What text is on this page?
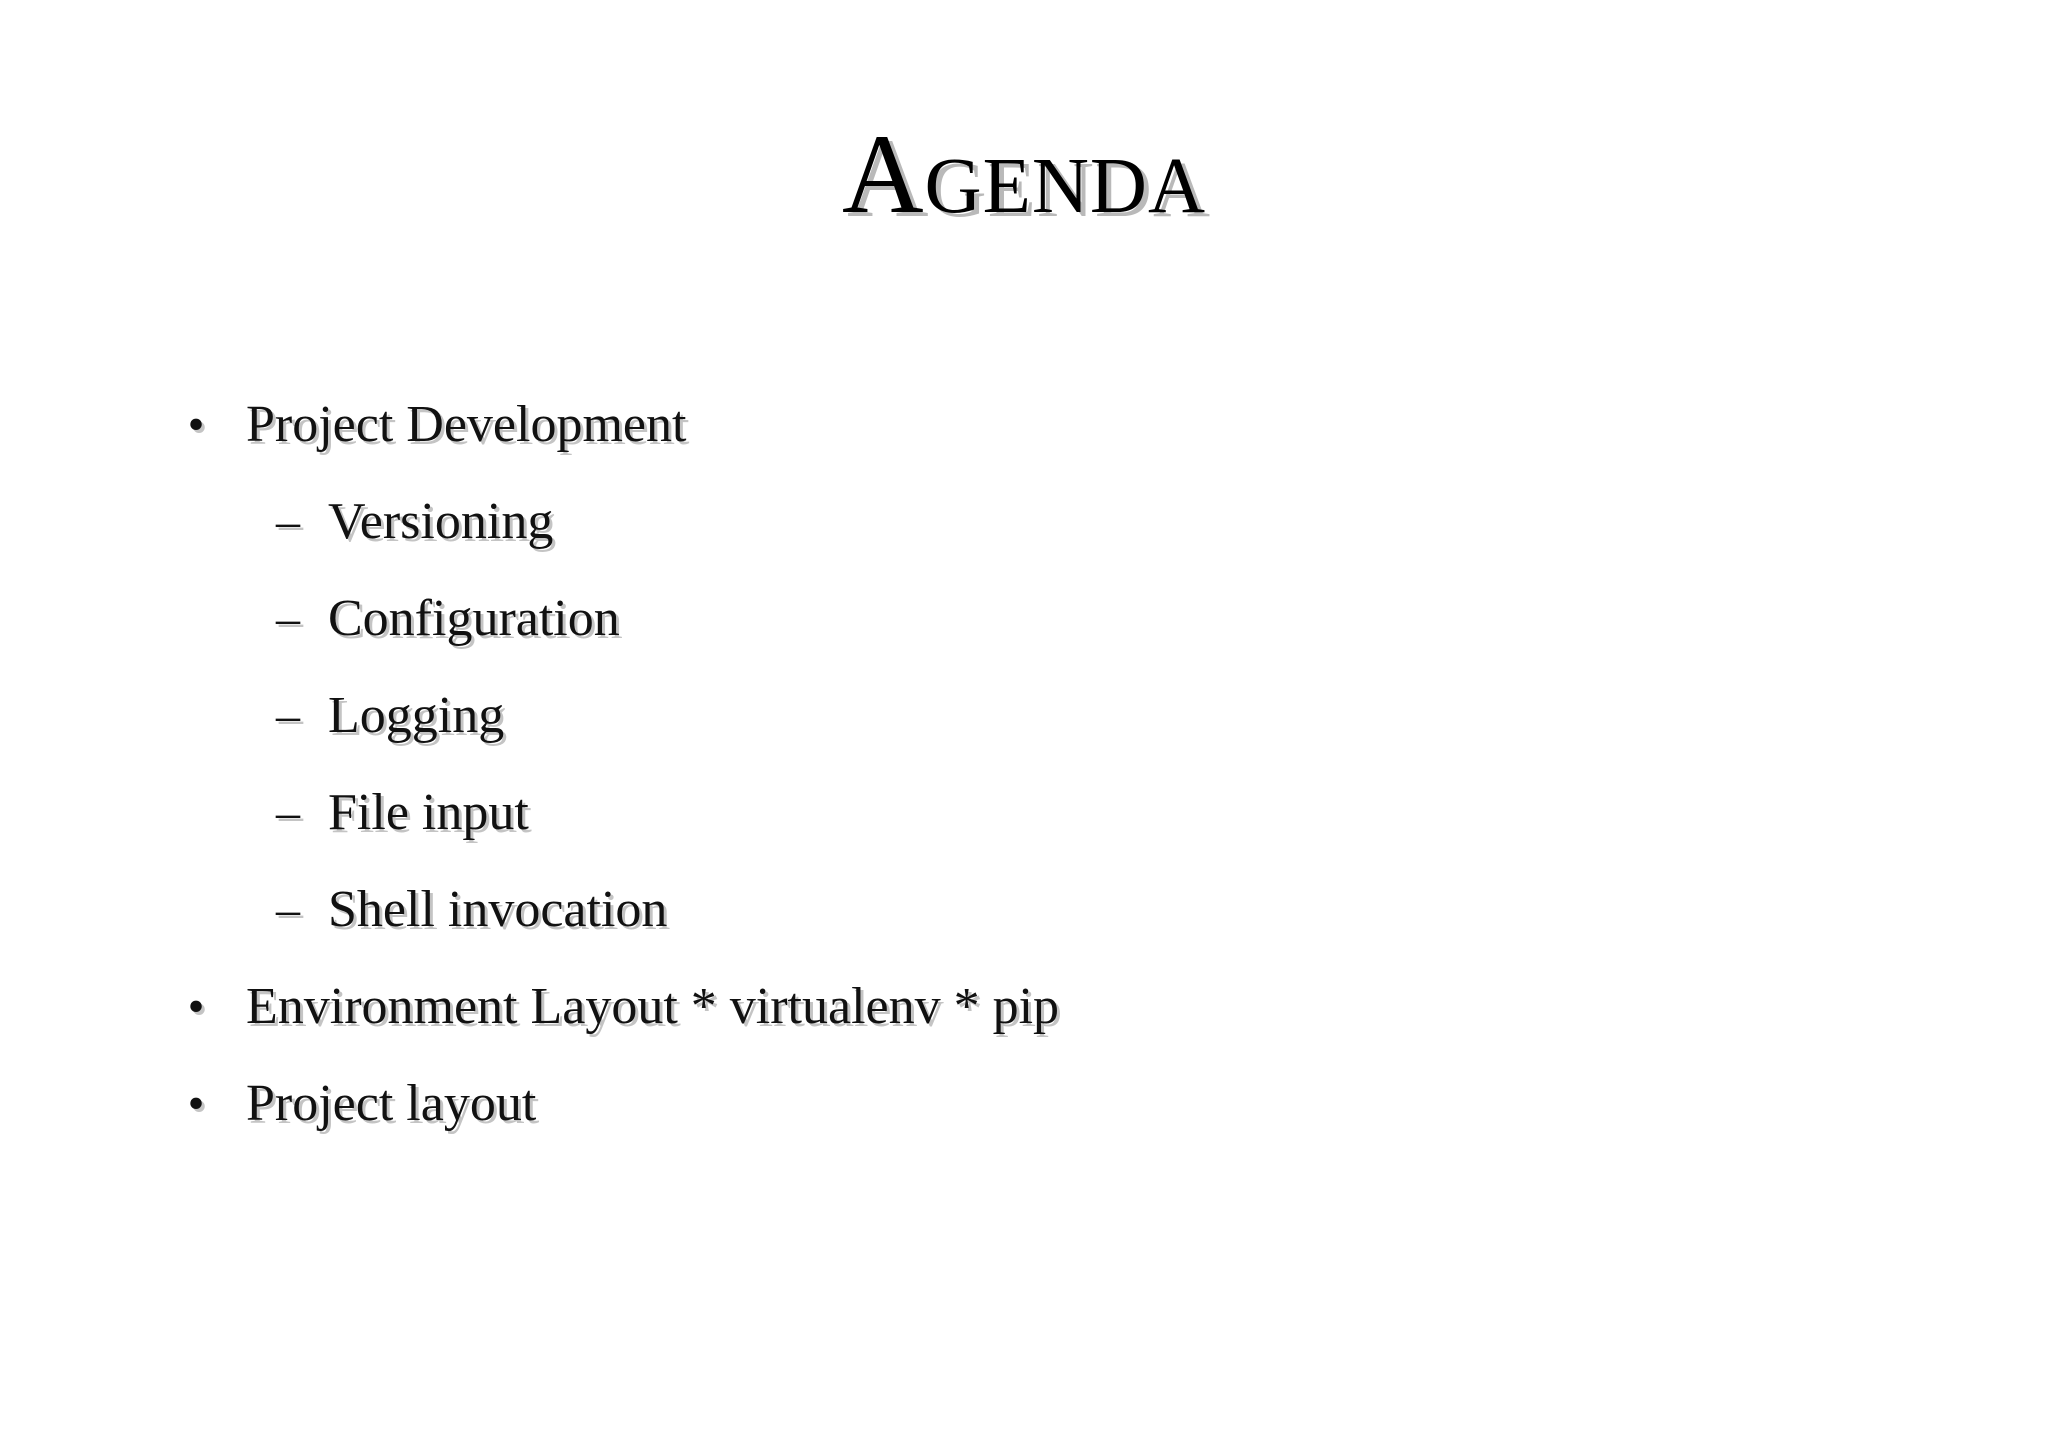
Agenda
• Project Development
– Versioning
– Configuration
– Logging
– File input
– Shell invocation
• Environment Layout * virtualenv * pip
• Project layout
